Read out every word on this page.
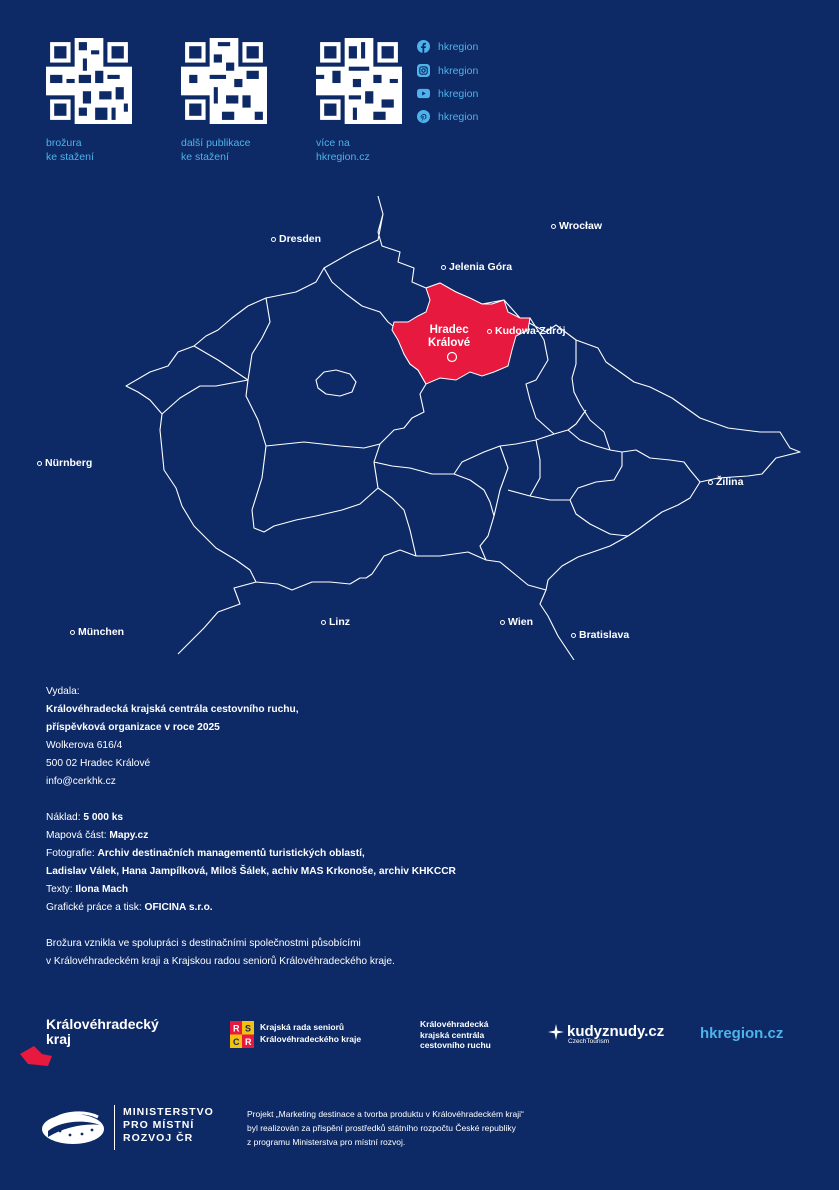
brožura
ke stažení
další publikace
ke stažení
více na
hkregion.cz
hkregion
hkregion
hkregion
hkregion
Hradec
Králové
Dresden
Wrocław
Jelenia Góra
Kudowa-Zdrój
Nürnberg
Žilina
München
Linz	Wien
Bratislava

Vydala:

Královéhradecká krajská centrála cestovního ruchu,

příspěvková organizace v roce 2025

Wolkerova 616/4

500 02 Hradec Králové

info@cerkhk.cz

Náklad: 5 000 ks

Mapová část: Mapy.cz

Fotografie: Archiv destinačních managementů turistických oblastí,

Ladislav Válek, Hana Jampílková, Miloš Šálek, achiv MAS Krkonoše, archiv KHKCCR

Texty: Ilona Mach

Grafické práce a tisk: OFICINA s.r.o.

Brožura vznikla ve spolupráci s destinačními společnostmi působícími

v Královéhradeckém kraji a Krajskou radou seniorů Královéhradeckého kraje.

Královéhradecký
kraj
R S
C R
Krajská rada seniorů
Královéhradeckého kraje
Královéhradecká
krajská centrála
cestovního ruchu
kudyznudy.cz
CzechTourism	hkregion.cz
MINISTERSTVO
PRO MÍSTNÍ
ROZVOJ ČR
Projekt „Marketing destinace a tvorba produktu v Královéhradeckém kraji“
byl realizován za přispění prostředků státního rozpočtu České republiky
z programu Ministerstva pro místní rozvoj.
